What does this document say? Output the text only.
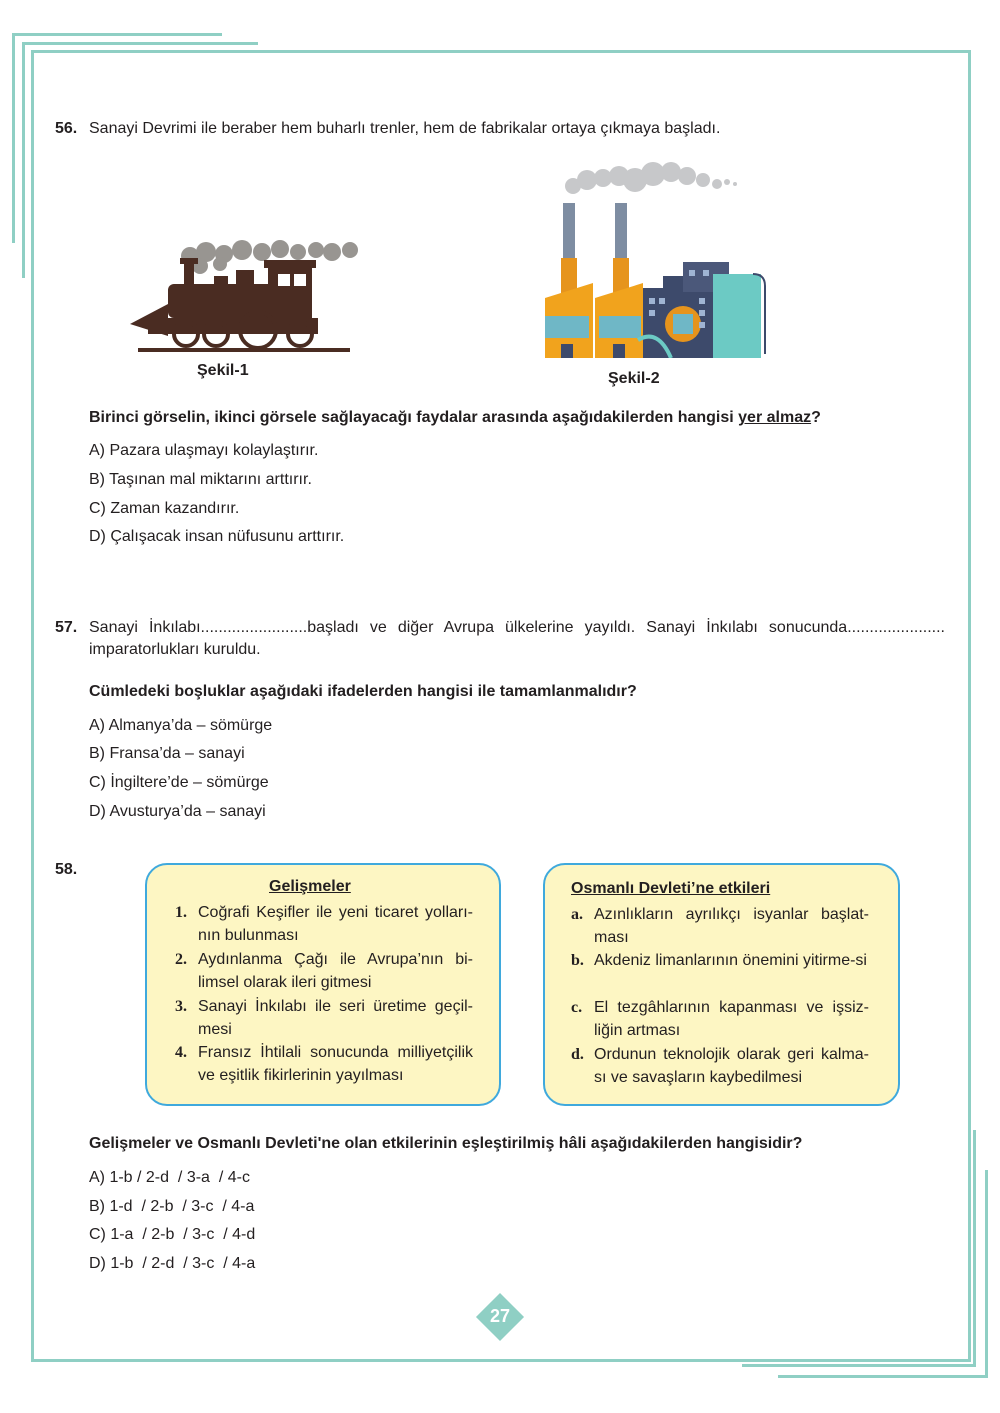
56. Sanayi Devrimi ile beraber hem buharlı trenler, hem de fabrikalar ortaya çıkmaya başladı.
Şekil-1	Şekil-2
Birinci görselin, ikinci görsele sağlayacağı faydalar arasında aşağıdakilerden hangisi yer almaz?
A) Pazara ulaşmayı kolaylaştırır.
B) Taşınan mal miktarını arttırır.
C) Zaman kazandırır.
D) Çalışacak insan nüfusunu arttırır.
57. Sanayi İnkılabı........................başladı ve diğer Avrupa ülkelerine yayıldı. Sanayi İnkılabı sonucunda...................... imparatorlukları kuruldu.
Cümledeki boşluklar aşağıdaki ifadelerden hangisi ile tamamlanmalıdır?
A) Almanya’da – sömürge
B) Fransa’da – sanayi
C) İngiltere’de – sömürge
D) Avusturya’da – sanayi
58.
Gelişmeler
1. Coğrafi Keşifler ile yeni ticaret yolları-nın bulunması
2. Aydınlanma Çağı ile Avrupa’nın bi-limsel olarak ileri gitmesi
3. Sanayi İnkılabı ile seri üretime geçil-mesi
4. Fransız İhtilali sonucunda milliyetçilik ve eşitlik fikirlerinin yayılması
Osmanlı Devleti’ne etkileri
a. Azınlıkların ayrılıkçı isyanlar başlat-ması
b. Akdeniz limanlarının önemini yitirme-si
c. El tezgâhlarının kapanması ve işsiz-liğin artması
d. Ordunun teknolojik olarak geri kalma-sı ve savaşların kaybedilmesi
Gelişmeler ve Osmanlı Devleti'ne olan etkilerinin eşleştirilmiş hâli aşağıdakilerden hangisidir?
A) 1-b / 2-d  / 3-a  / 4-c
B) 1-d  / 2-b  / 3-c  / 4-a
C) 1-a  / 2-b  / 3-c  / 4-d
D) 1-b  / 2-d  / 3-c  / 4-a
27
